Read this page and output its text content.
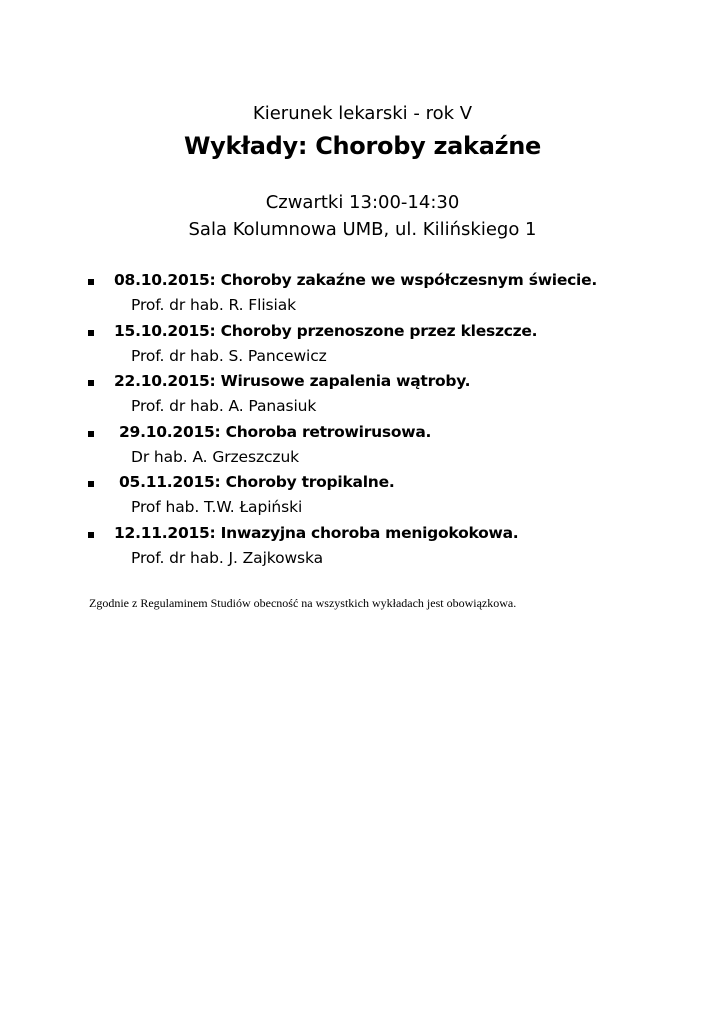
Kierunek lekarski - rok V
Wykłady: Choroby zakaźne
Czwartki 13:00-14:30
Sala Kolumnowa UMB, ul. Kilińskiego 1
08.10.2015: Choroby zakaźne we współczesnym świecie.
Prof. dr hab. R. Flisiak
15.10.2015: Choroby przenoszone przez kleszcze.
Prof. dr hab. S. Pancewicz
22.10.2015: Wirusowe zapalenia wątroby.
Prof. dr hab. A. Panasiuk
29.10.2015: Choroba retrowirusowa.
Dr hab. A. Grzeszczuk
05.11.2015: Choroby tropikalne.
Prof hab. T.W. Łapiński
12.11.2015: Inwazyjna choroba menigokokowa.
Prof. dr hab. J. Zajkowska
Zgodnie z Regulaminem Studiów obecność na wszystkich wykładach jest obowiązkowa.
